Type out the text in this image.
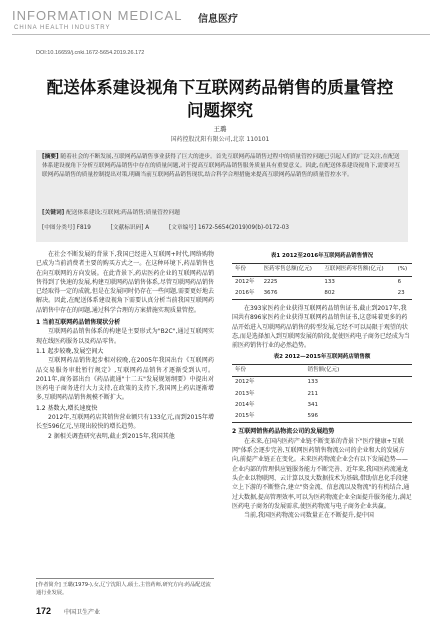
INFORMATION MEDICAL
CHINA HEALTH INDUSTRY
信息医疗
DOI:10.16659/j.cnki.1672-5654.2019.26.172
配送体系建设视角下互联网药品销售的质量管控
问题探究
王璐
国药控股沈阳有限公司,北京 110101
[摘要] 随着社会的不断发展,互联网药品销售事业获得了巨大的进步。首先互联网药品销售过程中的质量管控问题已引起人们的广泛关注,在配送体系建设视角下分析互联网药品销售中存在的质量问题,对于提高互联网药品销售服务质量具有重要意义。因此,在配送体系建设视角下,需要对互联网药品销售的质量控制提出对策,明确当前互联网药品销售现状,结合科学合理措施来提高互联网药品销售的质量管控水平。
[关键词] 配送体系建设;互联网;药品销售;质量管控问题
[中图分类号] F819	[文献标识码] A	[文章编号] 1672-5654(2019)09(b)-0172-03

在社会不断发展的背景下,我国已经进入互联网+时代,网络购物已成为当前消费者主要的购买方式之一。在这种环境下,药品销售也在向互联网的方向发展。在此背景下,药店医药企业的互联网药品销售得到了快速的发展,构建互联网药品销售体系,尽管互联网药品销售已经取得一定的成就,但是在发展同时仍存在一些问题,需要更好地去解决。因此,在配送体系建设视角下需要认真分析当前我国互联网药品销售中存在的问题,通过科学合理的方案措施实现质量管控。

1 当前互联网药品销售现状分析

互联网药品销售体系的构建是主要形式为"B2C",通过互联网实现在线医药服务以及药品零售。

1.1 起步较晚,发展空间大

互联网药品销售起步相对较晚,在2005年我国出台《互联网药品交易服务审批暂行规定》,互联网药品销售才逐渐受到认可。2011年,商务部出台《药品流通"十二五"发展规划纲要》中提出对医药电子商务进行大力支持,在政策的支持下,我国网上药店逐渐增多,互联网药品销售规模不断扩大。

1.2 基数大,增长速度快

2012年,互联网药店其销售营业额只有133亿元,而到2015年增长至596亿元,呈现出较快的增长趋势。

2 据相关调查研究表明,截止到2015年,我国其他

表1 2012至2016年互联网药品销售情况
年份	医药零售总额(亿元)	互联网医药零售额(亿元)	(%)
2012年	2225	133	6
2016年	3676	802	23

在393家医药企业获得互联网药品销售证书,截止到2017年,我国共有896家医药企业获得互联网药品销售证书,这意味着更多的药品开始进入互联网药品销售的转型发展,它经不可以局限于观望的状态,而是选择加入到互联网发展的阶段,促使医药电子商务已经成为当前医药销售行业的必然趋势。

表2 2012—2015年互联网药店销售额
年份	销售额(亿元)
2012年	133
2013年	211
2014年	341
2015年	596
2 互联网销售药品物流公司的发展趋势

在未来,在国内医药产业链不断变革的背景下"医疗健康+互联网"体系会逐步完善,互联网医药销售物流公司的企业和大的发展方向,前提产业链正在变化。未来医药物流企业会有以下发展趋势——企业内部的管理供应链服务能力不断完善、近年来,我国医药流通龙头企业以物联网、云计算以及大数据技术为基础,借助信息化手段建立上下游的不断整合,建立"资金流、信息流以及物流"的有机结合,通过大数据,提高管理效率,可以为医药物流企业全面提升服务能力,满足医药电子商务的发展需求,使医药物流与电子商务企业共赢。

当前,我国医药物流公司数量正在不断提升,提中国

[作者简介] 王璐(1979-),女,辽宁沈阳人,硕士,主管药师,研究方向:药品配送流通行业发展。
172 中国卫生产业
